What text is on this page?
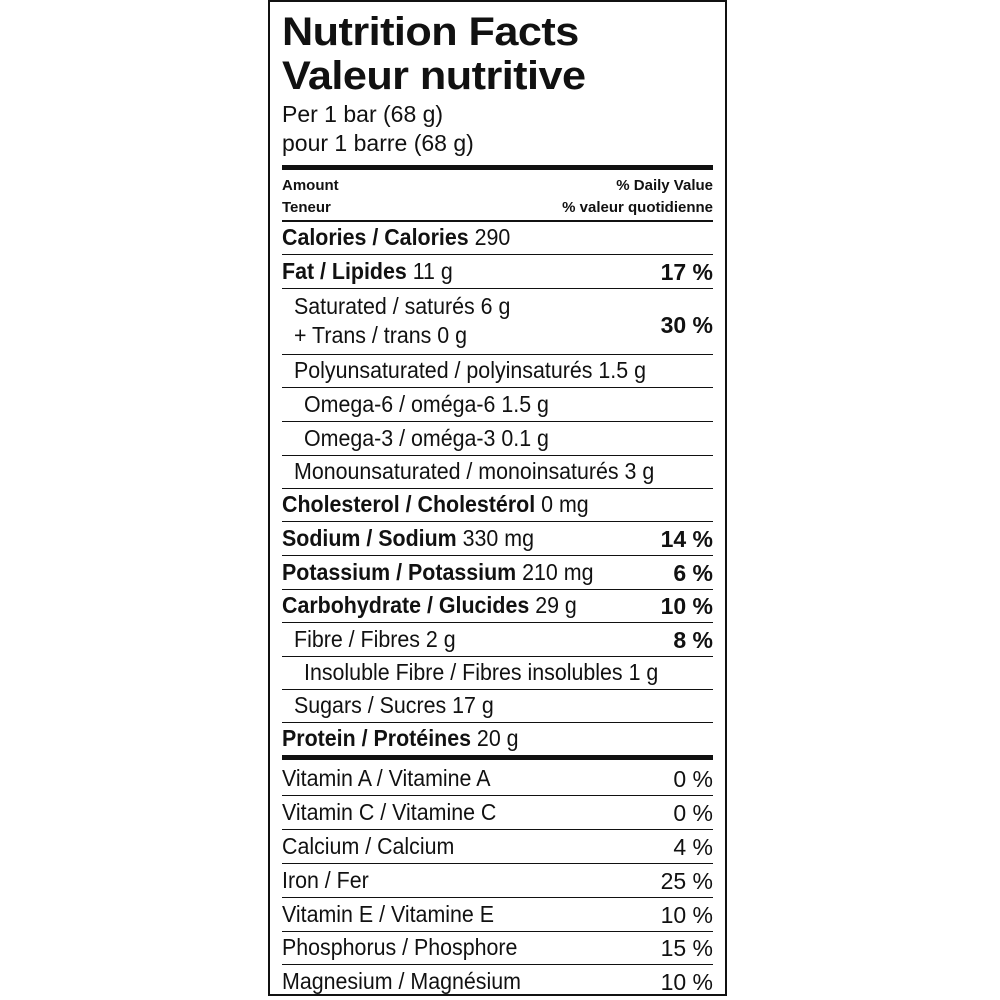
Nutrition Facts
Valeur nutritive
Per 1 bar (68 g)
pour 1 barre (68 g)
Amount
Teneur
% Daily Value
% valeur quotidienne
Calories / Calories 290
Fat / Lipides 11 g	17 %
Saturated / saturés 6 g
+ Trans / trans 0 g	30 %
Polyunsaturated / polyinsaturés 1.5 g
Omega-6 / oméga-6 1.5 g
Omega-3 / oméga-3 0.1 g
Monounsaturated / monoinsaturés 3 g
Cholesterol / Cholestérol 0 mg
Sodium / Sodium 330 mg	14 %
Potassium / Potassium 210 mg	6 %
Carbohydrate / Glucides 29 g	10 %
Fibre / Fibres 2 g	8 %
Insoluble Fibre / Fibres insolubles 1 g
Sugars / Sucres 17 g
Protein / Protéines 20 g
Vitamin A / Vitamine A	0 %
Vitamin C / Vitamine C	0 %
Calcium / Calcium	4 %
Iron / Fer	25 %
Vitamin E / Vitamine E	10 %
Phosphorus / Phosphore	15 %
Magnesium / Magnésium	10 %
